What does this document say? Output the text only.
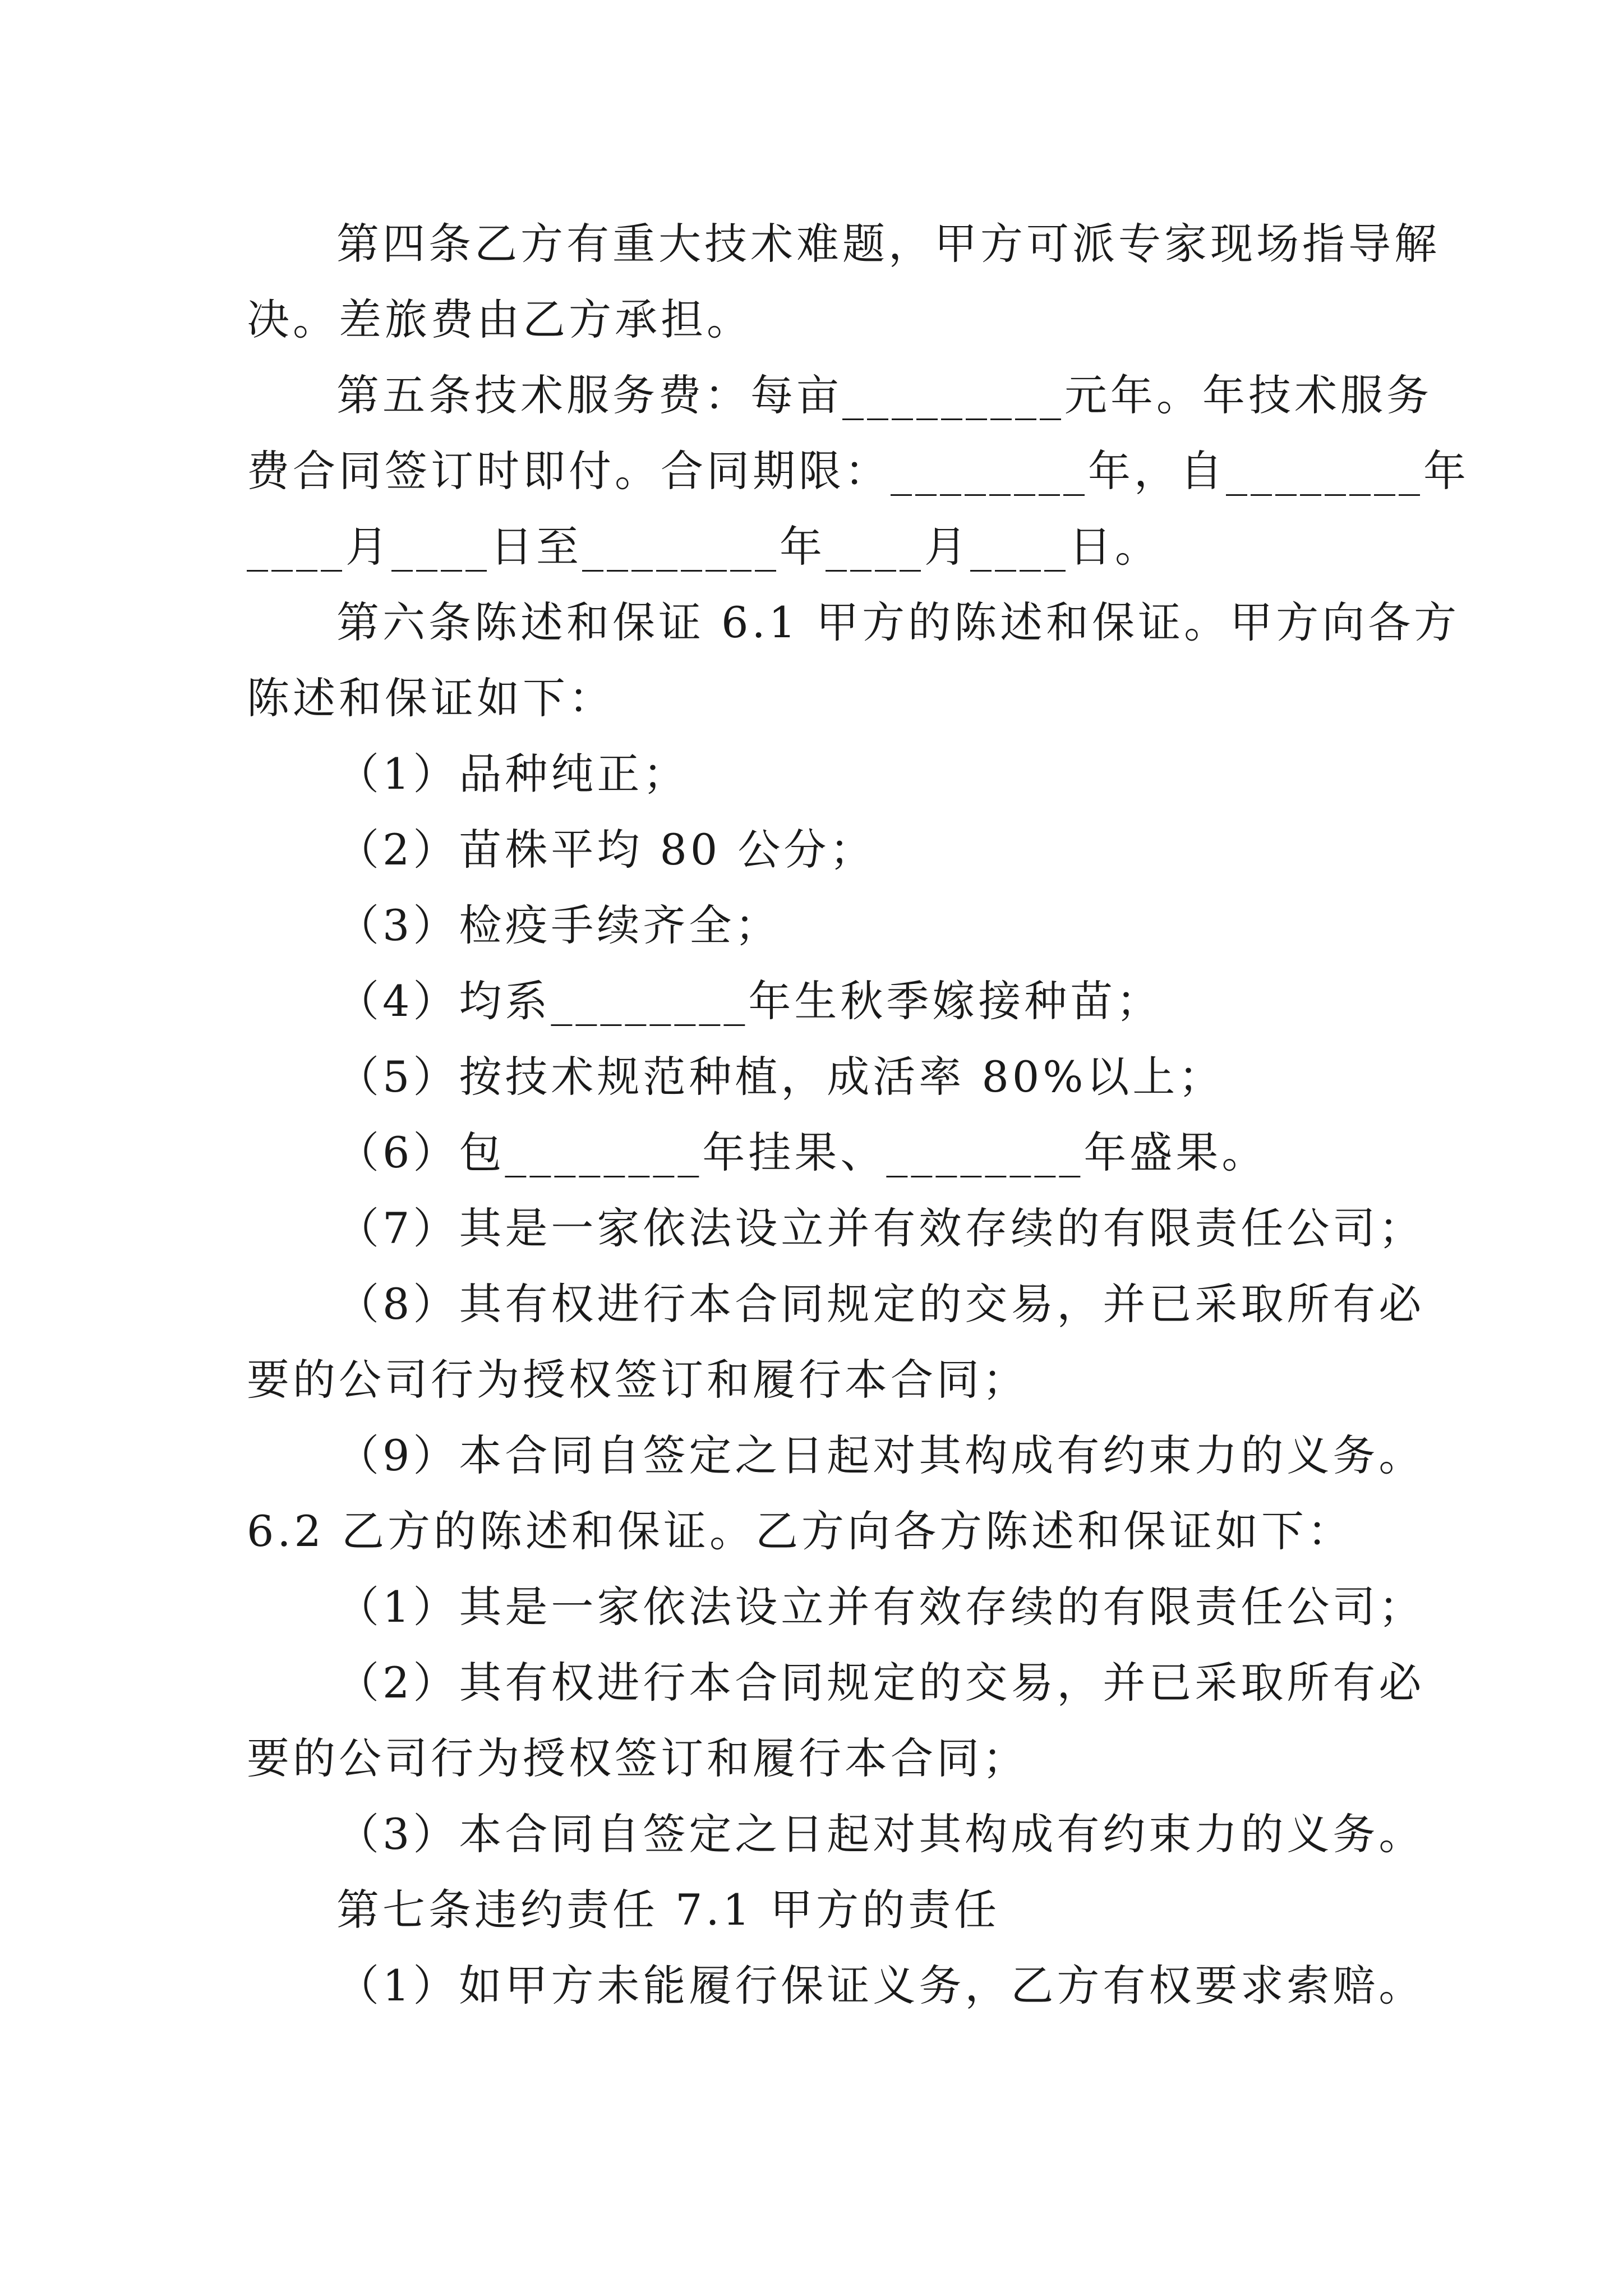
第四条乙方有重大技术难题，甲方可派专家现场指导解
决。差旅费由乙方承担。
第五条技术服务费：每亩_________元年。年技术服务
费合同签订时即付。合同期限：________年，自________年
____月____日至________年____月____日。
第六条陈述和保证 6.1 甲方的陈述和保证。甲方向各方
陈述和保证如下：
（1）品种纯正；
（2）苗株平均 80 公分；
（3）检疫手续齐全；
（4）均系________年生秋季嫁接种苗；
（5）按技术规范种植，成活率 80%以上；
（6）包________年挂果、________年盛果。
（7）其是一家依法设立并有效存续的有限责任公司；
（8）其有权进行本合同规定的交易，并已采取所有必
要的公司行为授权签订和履行本合同；
（9）本合同自签定之日起对其构成有约束力的义务。
6.2 乙方的陈述和保证。乙方向各方陈述和保证如下：
（1）其是一家依法设立并有效存续的有限责任公司；
（2）其有权进行本合同规定的交易，并已采取所有必
要的公司行为授权签订和履行本合同；
（3）本合同自签定之日起对其构成有约束力的义务。
第七条违约责任 7.1 甲方的责任
（1）如甲方未能履行保证义务，乙方有权要求索赔。
